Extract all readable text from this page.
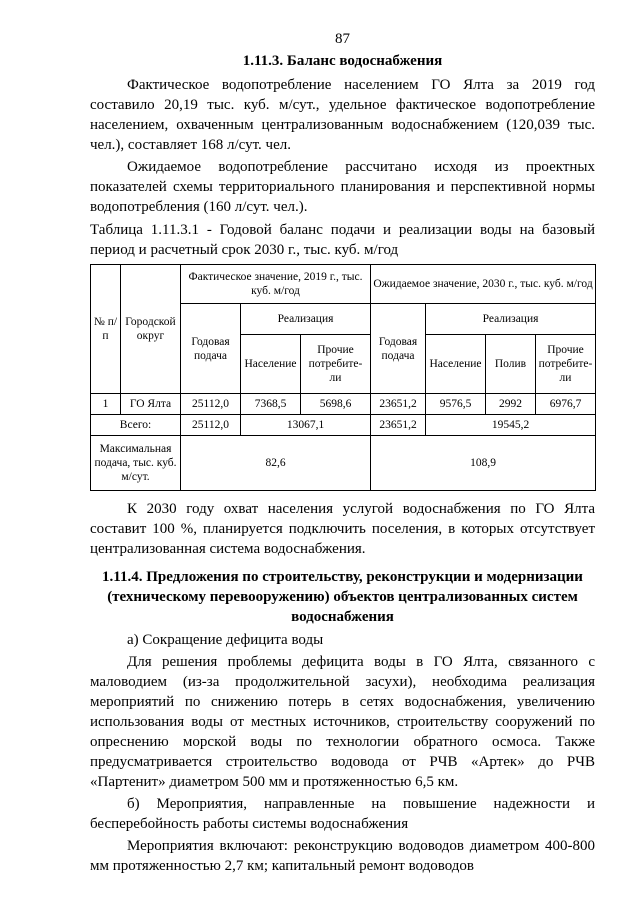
87
1.11.3. Баланс водоснабжения

Фактическое водопотребление населением ГО Ялта за 2019 год составило 20,19 тыс. куб. м/сут., удельное фактическое водопотребление населением, охваченным централизованным водоснабжением (120,039 тыс. чел.), составляет 168 л/сут. чел.

Ожидаемое водопотребление рассчитано исходя из проектных показателей схемы территориального планирования и перспективной нормы водопотребления (160 л/сут. чел.).

Таблица 1.11.3.1 - Годовой баланс подачи и реализации воды на базовый период и расчетный срок 2030 г., тыс. куб. м/год
№ п/п	Городской округ	Фактическое значение, 2019 г., тыс. куб. м/год			Ожидаемое значение, 2030 г., тыс. куб. м/год			
		Годовая подача	Реализация		Годовая подача	Реализация		
			Население	Прочие потребите-ли		Население	Полив	Прочие потребите-ли
1	ГО Ялта	25112,0	7368,5	5698,6	23651,2	9576,5	2992	6976,7
Всего:		25112,0	13067,1		23651,2	19545,2		
Максимальная подача, тыс. куб. м/сут.		82,6			108,9			

К 2030 году охват населения услугой водоснабжения по ГО Ялта составит 100 %, планируется подключить поселения, в которых отсутствует централизованная система водоснабжения.

1.11.4. Предложения по строительству, реконструкции и модернизации (техническому перевооружению) объектов централизованных систем водоснабжения

а) Сокращение дефицита воды

Для решения проблемы дефицита воды в ГО Ялта, связанного с маловодием (из-за продолжительной засухи), необходима реализация мероприятий по снижению потерь в сетях водоснабжения, увеличению использования воды от местных источников, строительству сооружений по опреснению морской воды по технологии обратного осмоса. Также предусматривается строительство водовода от РЧВ «Артек» до РЧВ «Партенит» диаметром 500 мм и протяженностью 6,5 км.

б) Мероприятия, направленные на повышение надежности и бесперебойность работы системы водоснабжения

Мероприятия включают: реконструкцию водоводов диаметром 400-800 мм протяженностью 2,7 км; капитальный ремонт водоводов
